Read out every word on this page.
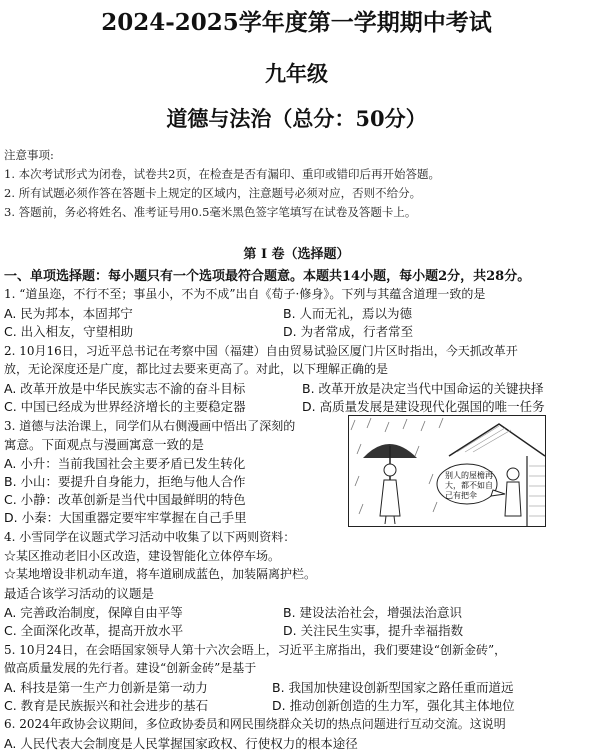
2024-2025学年度第一学期期中考试
九年级
道德与法治（总分：50分）
注意事项:
1. 本次考试形式为闭卷，试卷共2页，在检查是否有漏印、重印或错印后再开始答题。
2. 所有试题必须作答在答题卡上规定的区域内，注意题号必须对应，否则不给分。
3. 答题前，务必将姓名、准考证号用0.5毫米黑色签字笔填写在试卷及答题卡上。
第 I 卷（选择题）
一、单项选择题：每小题只有一个选项最符合题意。本题共14小题，每小题2分，共28分。
1. “道虽迩，不行不至；事虽小，不为不成”出自《荀子·修身》。下列与其蕴含道理一致的是
A. 民为邦本，本固邦宁	B. 人而无礼，焉以为德
C. 出入相友，守望相助	D. 为者常成，行者常至
2. 10月16日，习近平总书记在考察中国（福建）自由贸易试验区厦门片区时指出，今天抓改革开
放，无论深度还是广度，都比过去要来更高了。对此，以下理解正确的是
A. 改革开放是中华民族实志不渝的奋斗目标	B. 改革开放是决定当代中国命运的关键抉择
C. 中国已经成为世界经济增长的主要稳定器	D. 高质量发展是建设现代化强国的唯一任务
3. 道德与法治课上，同学们从右侧漫画中悟出了深刻的
寓意。下面观点与漫画寓意一致的是
A. 小升：当前我国社会主要矛盾已发生转化
B. 小山：要提升自身能力，拒绝与他人合作
C. 小静：改革创新是当代中国最鲜明的特色
D. 小秦：大国重器定要牢牢掌握在自己手里
别人的屋檐再
大，都不如自
己有把伞
4. 小雪同学在议题式学习活动中收集了以下两则资料：
☆某区推动老旧小区改造，建设智能化立体停车场。
☆某地增设非机动车道，将车道刷成蓝色，加装隔离护栏。
最适合该学习活动的议题是
A. 完善政治制度，保障自由平等	B. 建设法治社会，增强法治意识
C. 全面深化改革，提高开放水平	D. 关注民生实事，提升幸福指数
5. 10月24日，在会晤国家领导人第十六次会晤上，习近平主席指出，我们要建设“创新金砖”，
做高质量发展的先行者。建设“创新金砖”是基于
A. 科技是第一生产力创新是第一动力	B. 我国加快建设创新型国家之路任重而道远
C. 教育是民族振兴和社会进步的基石	D. 推动创新创造的生力军，强化其主体地位
6. 2024年政协会议期间，多位政协委员和网民围绕群众关切的热点问题进行互动交流。这说明
A. 人民代表大会制度是人民掌握国家政权、行使权力的根本途径
